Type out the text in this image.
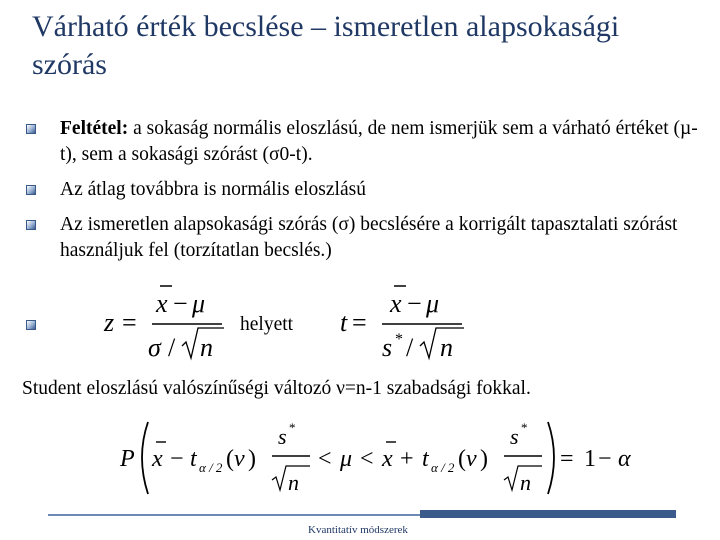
Várható érték becslése – ismeretlen alapsokasági szórás
Feltétel: a sokaság normális eloszlású, de nem ismerjük sem a várható értéket (µ-t), sem a sokasági szórást (σ0-t).
Az átlag továbbra is normális eloszlású
Az ismeretlen alapsokasági szórás (σ) becslésére a korrigált tapasztalati szórást használjuk fel (torzítatlan becslés.)
z =
x − μ
σ / n
helyett	t =
x − μ
s * / n
Student eloszlású valószínűségi változó ν=n-1 szabadsági fokkal.
P x − t α / 2 ( ν )
s *
n
< μ < x + t α / 2 ( ν )
s *
n
= 1 − α
Kvantitatív módszerek
